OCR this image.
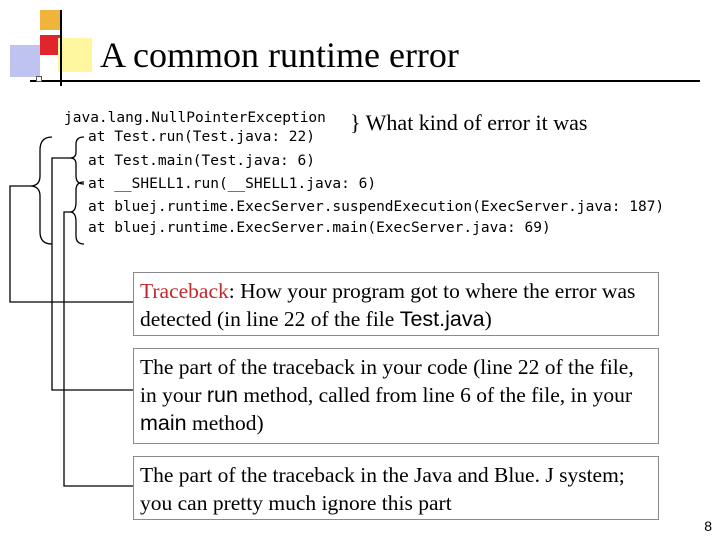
A common runtime error

java.lang.NullPointerException

at Test.run(Test.java: 22)

at Test.main(Test.java: 6)

at __SHELL1.run(__SHELL1.java: 6)

at bluej.runtime.ExecServer.suspendExecution(ExecServer.java: 187)

at bluej.runtime.ExecServer.main(ExecServer.java: 69)

} What kind of error it was
Traceback: How your program got to where the error was detected (in line 22 of the file Test.java)
The part of the traceback in your code (line 22 of the file, in your run method, called from line 6 of the file, in your main method)
The part of the traceback in the Java and Blue. J system; you can pretty much ignore this part
8
